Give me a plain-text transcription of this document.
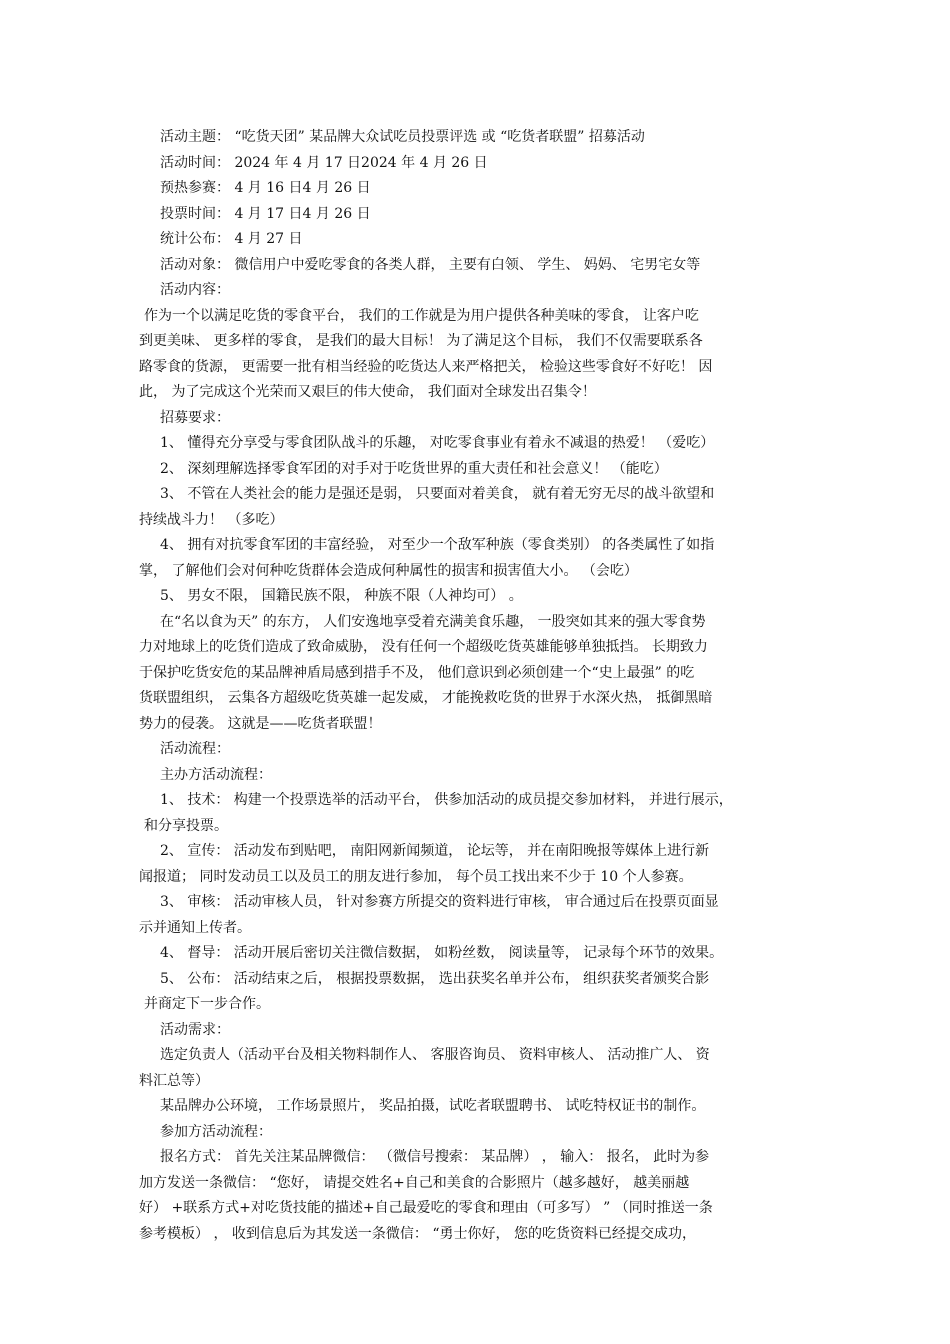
活动主题： “吃货天团” 某品牌大众试吃员投票评选 或 “吃货者联盟” 招募活动

活动时间： 2024 年 4 月 17 日2024 年 4 月 26 日

预热参赛： 4 月 16 日4 月 26 日

投票时间： 4 月 17 日4 月 26 日

统计公布： 4 月 27 日

活动对象： 微信用户中爱吃零食的各类人群， 主要有白领、 学生、 妈妈、 宅男宅女等

活动内容：

作为一个以满足吃货的零食平台， 我们的工作就是为用户提供各种美味的零食， 让客户吃

到更美味、 更多样的零食， 是我们的最大目标！ 为了满足这个目标， 我们不仅需要联系各

路零食的货源， 更需要一批有相当经验的吃货达人来严格把关， 检验这些零食好不好吃！ 因

此， 为了完成这个光荣而又艰巨的伟大使命， 我们面对全球发出召集令！

招募要求：

1、 懂得充分享受与零食团队战斗的乐趣， 对吃零食事业有着永不减退的热爱！ （爱吃）

2、 深刻理解选择零食军团的对手对于吃货世界的重大责任和社会意义！ （能吃）

3、 不管在人类社会的能力是强还是弱， 只要面对着美食， 就有着无穷无尽的战斗欲望和

持续战斗力！ （多吃）

4、 拥有对抗零食军团的丰富经验， 对至少一个敌军种族（零食类别） 的各类属性了如指

掌， 了解他们会对何种吃货群体会造成何种属性的损害和损害值大小。 （会吃）

5、 男女不限， 国籍民族不限， 种族不限（人神均可） 。

在“名以食为天” 的东方， 人们安逸地享受着充满美食乐趣， 一股突如其来的强大零食势

力对地球上的吃货们造成了致命威胁， 没有任何一个超级吃货英雄能够单独抵挡。 长期致力

于保护吃货安危的某品牌神盾局感到措手不及， 他们意识到必须创建一个“史上最强” 的吃

货联盟组织， 云集各方超级吃货英雄一起发威， 才能挽救吃货的世界于水深火热， 抵御黑暗

势力的侵袭。 这就是——吃货者联盟！

活动流程：

主办方活动流程：

1、 技术： 构建一个投票选举的活动平台， 供参加活动的成员提交参加材料， 并进行展示，

和分享投票。

2、 宣传： 活动发布到贴吧， 南阳网新闻频道， 论坛等， 并在南阳晚报等媒体上进行新

闻报道； 同时发动员工以及员工的朋友进行参加， 每个员工找出来不少于 10 个人参赛。

3、 审核： 活动审核人员， 针对参赛方所提交的资料进行审核， 审合通过后在投票页面显

示并通知上传者。

4、 督导： 活动开展后密切关注微信数据， 如粉丝数， 阅读量等， 记录每个环节的效果。

5、 公布： 活动结束之后， 根据投票数据， 选出获奖名单并公布， 组织获奖者颁奖合影

并商定下一步合作。

活动需求：

选定负责人（活动平台及相关物料制作人、 客服咨询员、 资料审核人、 活动推广人、 资

料汇总等）

某品牌办公环境， 工作场景照片， 奖品拍摄，试吃者联盟聘书、 试吃特权证书的制作。

参加方活动流程：

报名方式： 首先关注某品牌微信： （微信号搜索： 某品牌） ， 输入： 报名， 此时为参

加方发送一条微信： “您好， 请提交姓名+自己和美食的合影照片（越多越好， 越美丽越

好） +联系方式+对吃货技能的描述+自己最爱吃的零食和理由（可多写） ” （同时推送一条

参考模板） ， 收到信息后为其发送一条微信： “勇士你好， 您的吃货资料已经提交成功，
